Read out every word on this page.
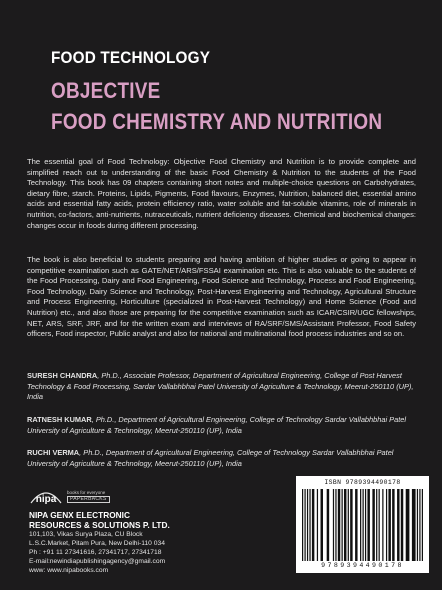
FOOD TECHNOLOGY
OBJECTIVE
FOOD CHEMISTRY AND NUTRITION

The essential goal of Food Technology: Objective Food Chemistry and Nutrition is to provide complete and simplified reach out to understanding of the basic Food Chemistry & Nutrition to the students of the Food Technology. This book has 09 chapters containing short notes and multiple-choice questions on Carbohydrates, dietary fibre, starch. Proteins, Lipids, Pigments, Food flavours, Enzymes, Nutrition, balanced diet, essential amino acids and essential fatty acids, protein efficiency ratio, water soluble and fat-soluble vitamins, role of minerals in nutrition, co-factors, anti-nutrients, nutraceuticals, nutrient deficiency diseases. Chemical and biochemical changes: changes occur in foods during different processing.

The book is also beneficial to students preparing and having ambition of higher studies or going to appear in competitive examination such as GATE/NET/ARS/FSSAI examination etc. This is also valuable to the students of the Food Processing, Dairy and Food Engineering, Food Science and Technology, Process and Food Engineering, Food Technology, Dairy Science and Technology, Post-Harvest Engineering and Technology, Agricultural Structure and Process Engineering, Horticulture (specialized in Post-Harvest Technology) and Home Science (Food and Nutrition) etc., and also those are preparing for the competitive examination such as ICAR/CSIR/UGC fellowships, NET, ARS, SRF, JRF, and for the written exam and interviews of RA/SRF/SMS/Assistant Professor, Food Safety officers, Food inspector, Public analyst and also for national and multinational food process industries and so on.

SURESH CHANDRA, Ph.D., Associate Professor, Department of Agricultural Engineering, College of Post Harvest Technology & Food Processing, Sardar Vallabhbhai Patel University of Agriculture & Technology, Meerut-250110 (UP), India

RATNESH KUMAR, Ph.D., Department of Agricultural Engineering, College of Technology Sardar Vallabhbhai Patel University of Agriculture & Technology, Meerut-250110 (UP), India

RUCHI VERMA, Ph.D., Department of Agricultural Engineering, College of Technology Sardar Vallabhbhai Patel University of Agriculture & Technology, Meerut-250110 (UP), India

nipa
books for everyone
PAPERBACKS
NIPA GENX ELECTRONIC
RESOURCES & SOLUTIONS P. LTD.
101,103, Vikas Surya Plaza, CU Block
L.S.C.Market, Pitam Pura, New Delhi-110 034
Ph : +91 11 27341616, 27341717, 27341718
E-mail:newindiapublishingagency@gmail.com
www: www.nipabooks.com
ISBN 9789394490178
9789394490178
